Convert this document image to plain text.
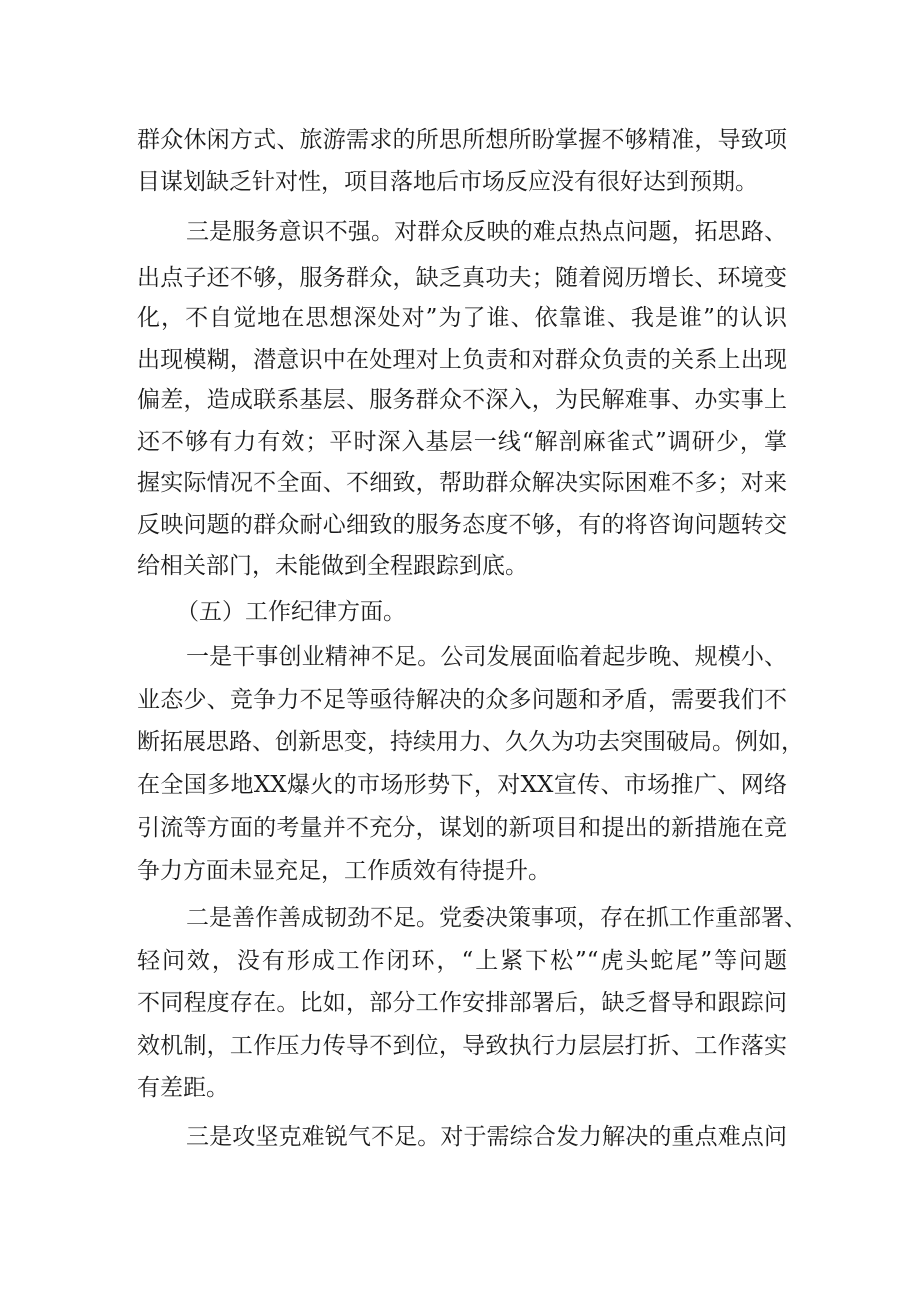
群众休闲方式、旅游需求的所思所想所盼掌握不够精准，导致项
目谋划缺乏针对性，项目落地后市场反应没有很好达到预期。
三是服务意识不强。对群众反映的难点热点问题，拓思路、
出点子还不够，服务群众，缺乏真功夫；随着阅历增长、环境变
化，不自觉地在思想深处对”为了谁、依靠谁、我是谁”的认识
出现模糊，潜意识中在处理对上负责和对群众负责的关系上出现
偏差，造成联系基层、服务群众不深入，为民解难事、办实事上
还不够有力有效；平时深入基层一线“解剖麻雀式”调研少，掌
握实际情况不全面、不细致，帮助群众解决实际困难不多；对来
反映问题的群众耐心细致的服务态度不够，有的将咨询问题转交
给相关部门，未能做到全程跟踪到底。
（五）工作纪律方面。
一是干事创业精神不足。公司发展面临着起步晚、规模小、
业态少、竞争力不足等亟待解决的众多问题和矛盾，需要我们不
断拓展思路、创新思变，持续用力、久久为功去突围破局。例如，
在全国多地XX爆火的市场形势下，对XX宣传、市场推广、网络
引流等方面的考量并不充分，谋划的新项目和提出的新措施在竞
争力方面未显充足，工作质效有待提升。
二是善作善成韧劲不足。党委决策事项，存在抓工作重部署、
轻问效，没有形成工作闭环，“上紧下松”“虎头蛇尾”等问题
不同程度存在。比如，部分工作安排部署后，缺乏督导和跟踪问
效机制，工作压力传导不到位，导致执行力层层打折、工作落实
有差距。
三是攻坚克难锐气不足。对于需综合发力解决的重点难点问
